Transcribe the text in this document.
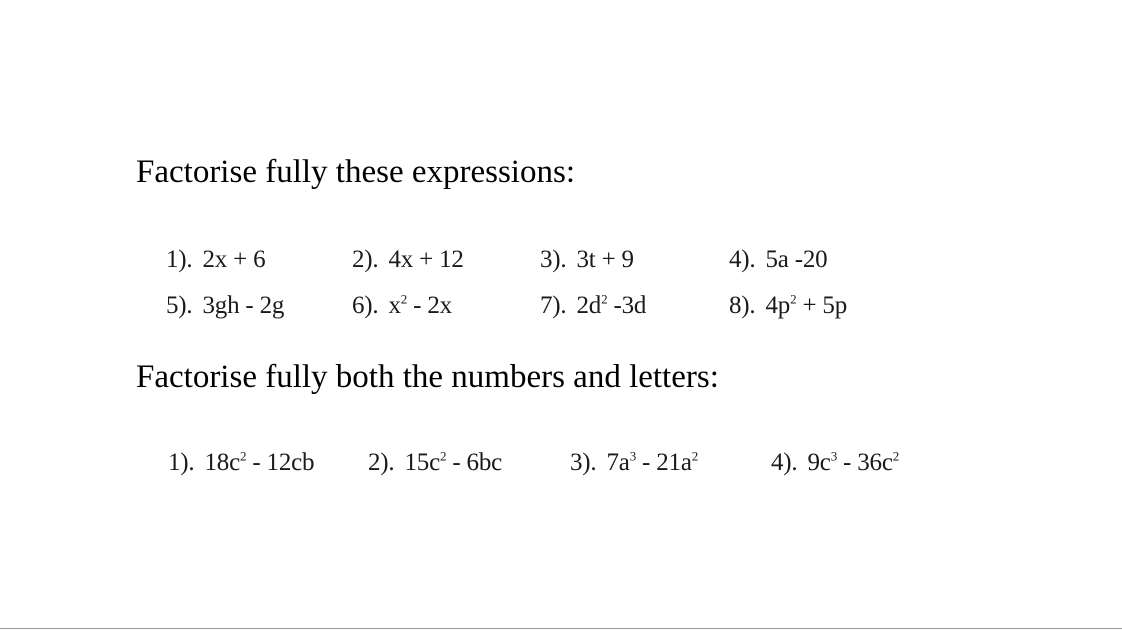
Factorise fully these expressions:
1). 2x + 6	2). 4x + 12	3). 3t + 9	4). 5a -20
5). 3gh - 2g	6). $x^2 - 2x$	7). $2d^2$ -3d	8). $4p^2 + 5p$
Factorise fully both the numbers and letters:
1). $18c^2 - 12cb$ 2). $15c^2 - 6bc$	3). $7a^3 - 21a^2$	4). $9c^3 - 36c^2$
